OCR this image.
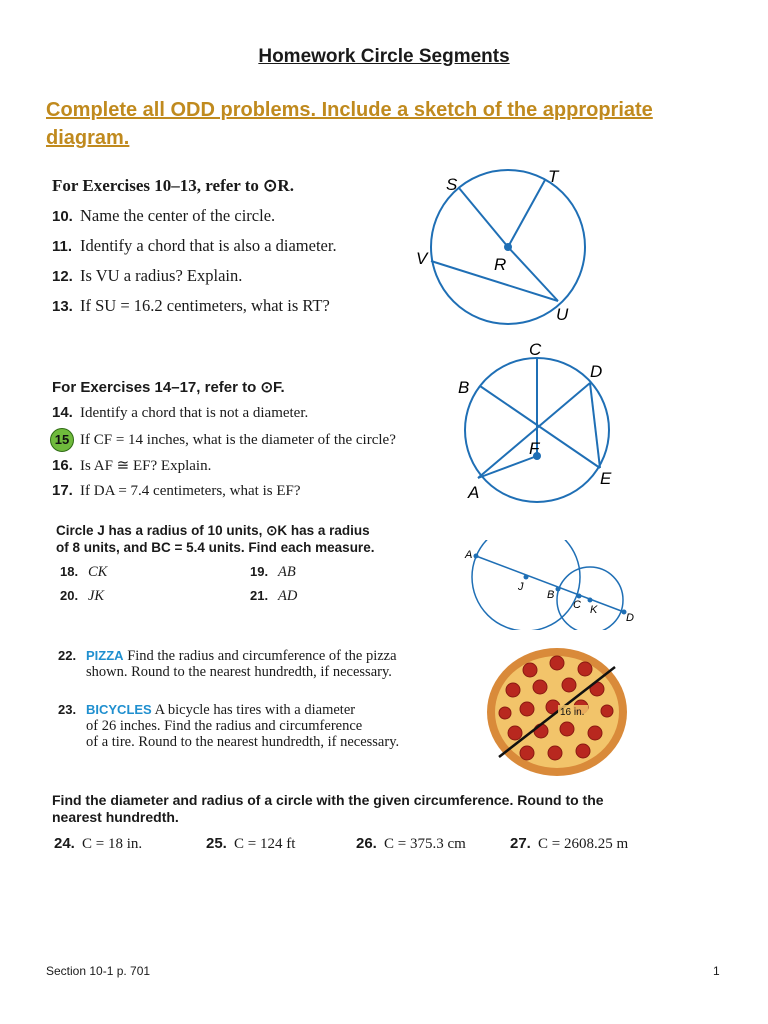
Homework Circle Segments
Complete all ODD problems. Include a sketch of the appropriate diagram.
For Exercises 10–13, refer to ⊙R.
10. Name the center of the circle.
11. Identify a chord that is also a diameter.
12. Is VU a radius? Explain.
13. If SU = 16.2 centimeters, what is RT?
S	T
V	R
U
For Exercises 14–17, refer to ⊙F.
14. Identify a chord that is not a diameter.
15 If CF = 14 inches, what is the diameter of the circle?
16. Is AF ≅ EF? Explain.
17. If DA = 7.4 centimeters, what is EF?
C
D
B
F
A
E
Circle J has a radius of 10 units, ⊙K has a radius
of 8 units, and BC = 5.4 units. Find each measure.
18. CK	19. AB
20. JK	21. AD
A
J
B
C K
D
22. PIZZA Find the radius and circumference of the pizza
shown. Round to the nearest hundredth, if necessary.
23. BICYCLES A bicycle has tires with a diameter
of 26 inches. Find the radius and circumference
of a tire. Round to the nearest hundredth, if necessary.
16 in.
Find the diameter and radius of a circle with the given circumference. Round to the
nearest hundredth.
24. C = 18 in.	25. C = 124 ft	26. C = 375.3 cm	27. C = 2608.25 m
Section 10-1 p. 701	1
